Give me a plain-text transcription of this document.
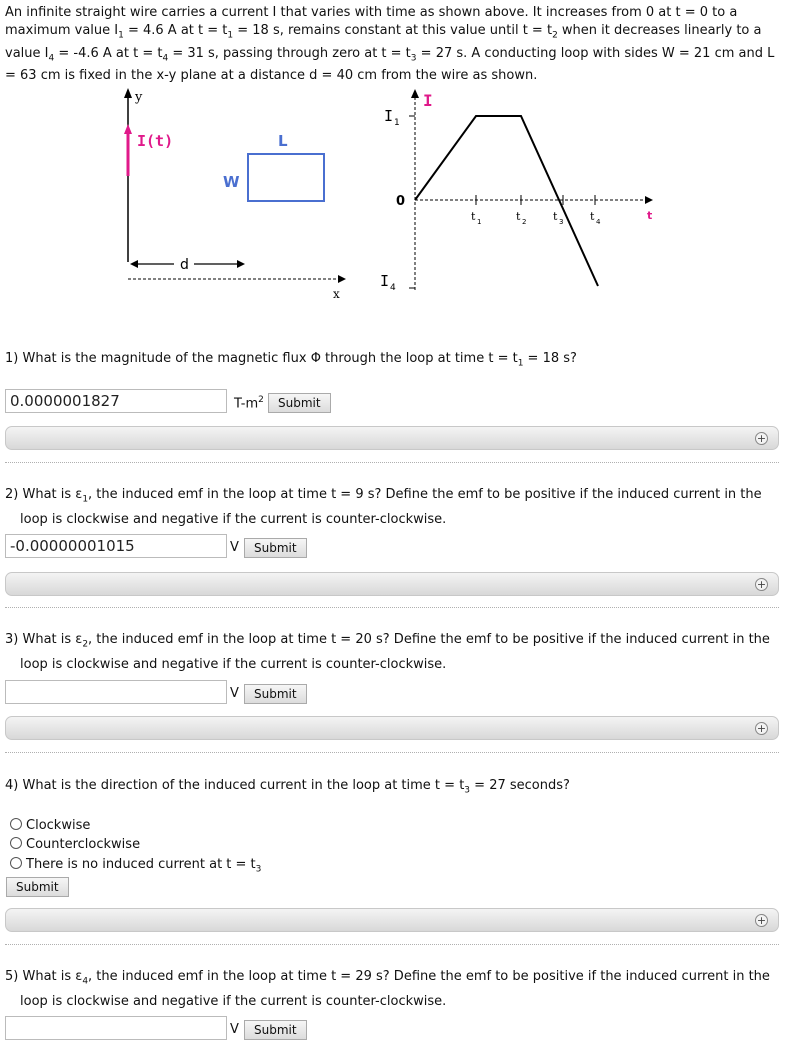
An infinite straight wire carries a current I that varies with time as shown above. It increases from 0 at t = 0 to a maximum value $I_1 = 4.6$ A at $t = t_1 = 18$ s, remains constant at this value until $t = t_2$ when it decreases linearly to a value $I_4 = -4.6$ A at $t = t_4 = 31$ s, passing through zero at $t = t_3 = 27$ s. A conducting loop with sides W = 21 cm and L = 63 cm is fixed in the x-y plane at a distance d = 40 cm from the wire as shown.
y
I(t)	L
W
d
x
I
I 1
0
I 4
t
t 1	t 2 t 3 t 4
1) What is the magnitude of the magnetic flux Φ through the loop at time $t = t_1 = 18$ s?
0.0000001827
$T-m^2$	Submit
+
2) What is $\varepsilon_1$, the induced emf in the loop at time t = 9 s? Define the emf to be positive if the induced current in the
loop is clockwise and negative if the current is counter-clockwise.
-0.00000001015
V	Submit
+
3) What is $\varepsilon_2$, the induced emf in the loop at time t = 20 s? Define the emf to be positive if the induced current in the
loop is clockwise and negative if the current is counter-clockwise.
V	Submit
+
4) What is the direction of the induced current in the loop at time $t = t_3 = 27$ seconds?
Clockwise
Counterclockwise
There is no induced current at $t = t_3$
Submit
+
5) What is $\varepsilon_4$, the induced emf in the loop at time t = 29 s? Define the emf to be positive if the induced current in the
loop is clockwise and negative if the current is counter-clockwise.
V	Submit
